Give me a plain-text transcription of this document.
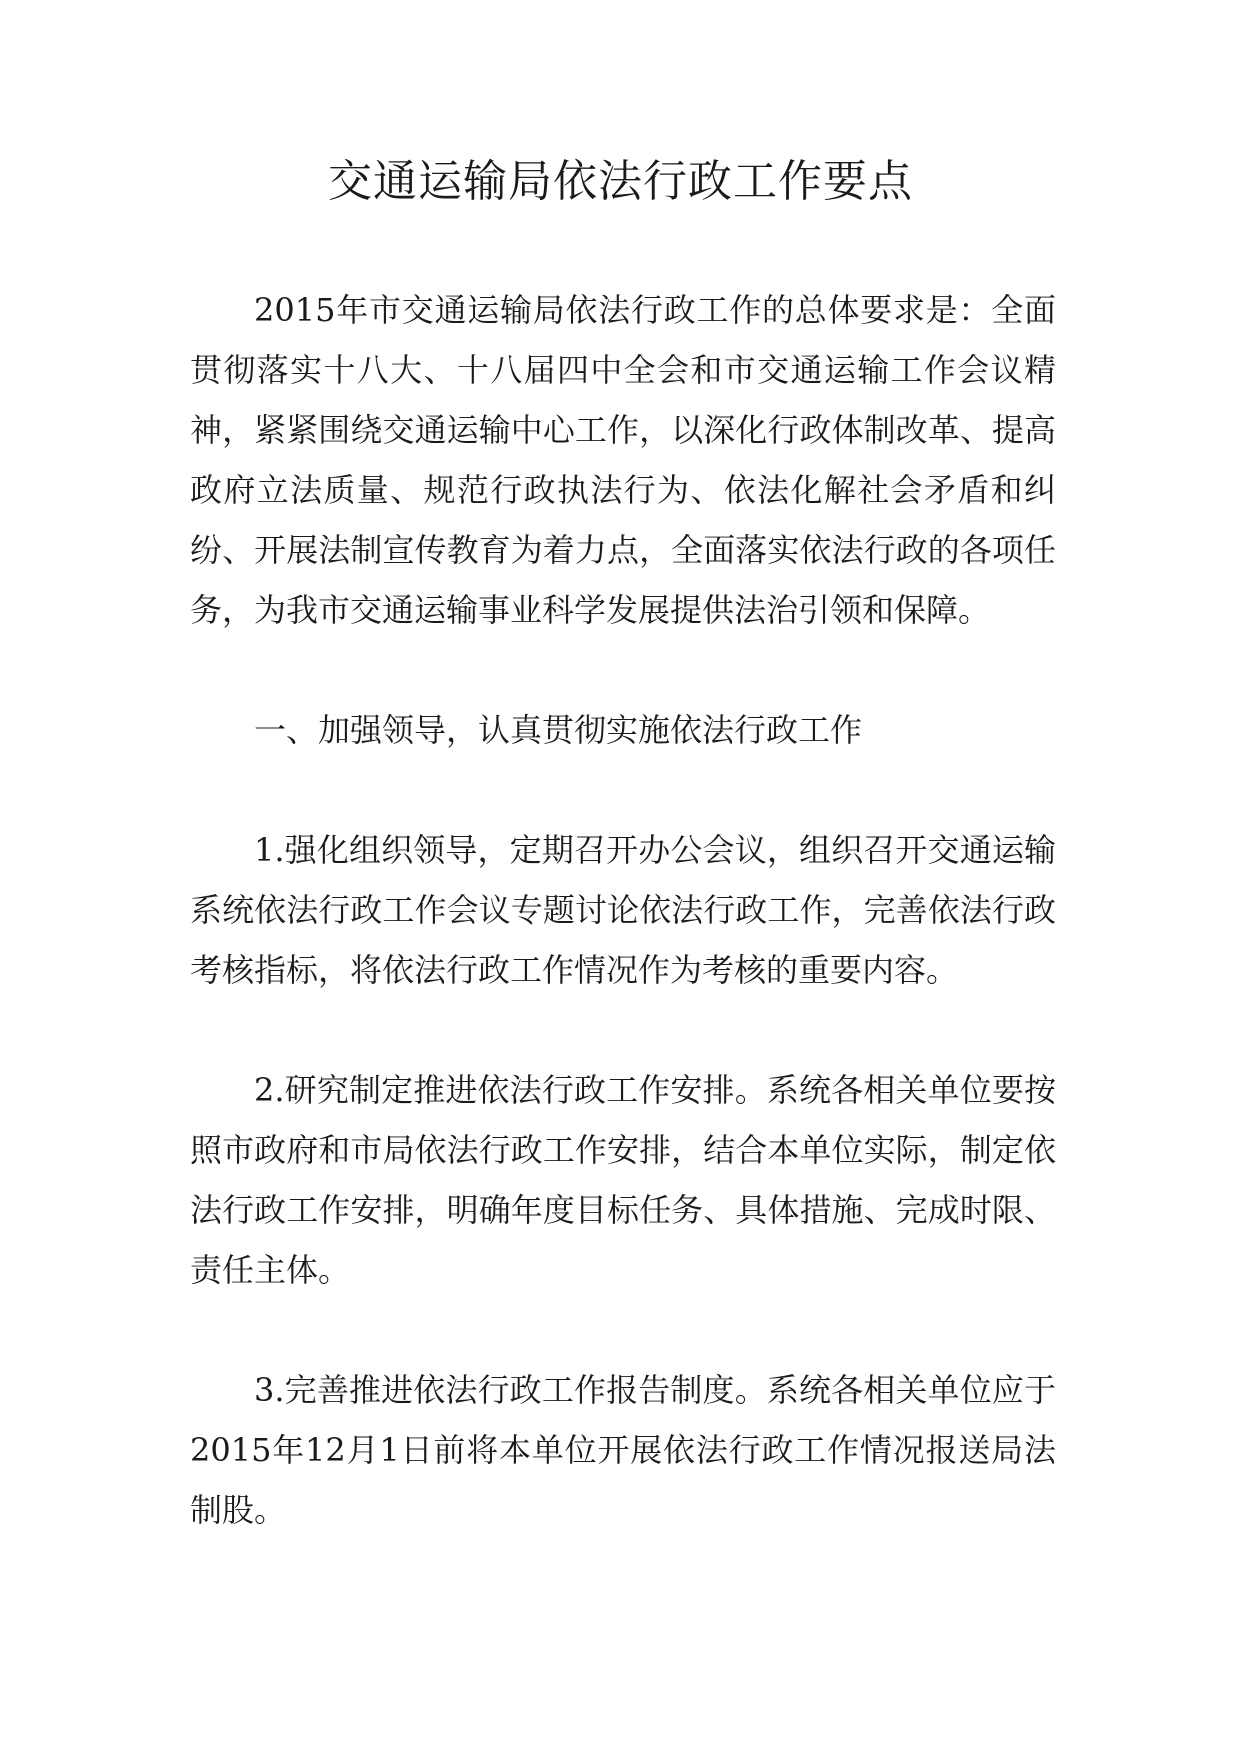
交通运输局依法行政工作要点

2015年市交通运输局依法行政工作的总体要求是：全面贯彻落实十八大、十八届四中全会和市交通运输工作会议精神，紧紧围绕交通运输中心工作，以深化行政体制改革、提高政府立法质量、规范行政执法行为、依法化解社会矛盾和纠纷、开展法制宣传教育为着力点，全面落实依法行政的各项任务，为我市交通运输事业科学发展提供法治引领和保障。

一、加强领导，认真贯彻实施依法行政工作

1.强化组织领导，定期召开办公会议，组织召开交通运输系统依法行政工作会议专题讨论依法行政工作，完善依法行政考核指标，将依法行政工作情况作为考核的重要内容。

2.研究制定推进依法行政工作安排。系统各相关单位要按照市政府和市局依法行政工作安排，结合本单位实际，制定依法行政工作安排，明确年度目标任务、具体措施、完成时限、责任主体。

3.完善推进依法行政工作报告制度。系统各相关单位应于2015年12月1日前将本单位开展依法行政工作情况报送局法制股。
